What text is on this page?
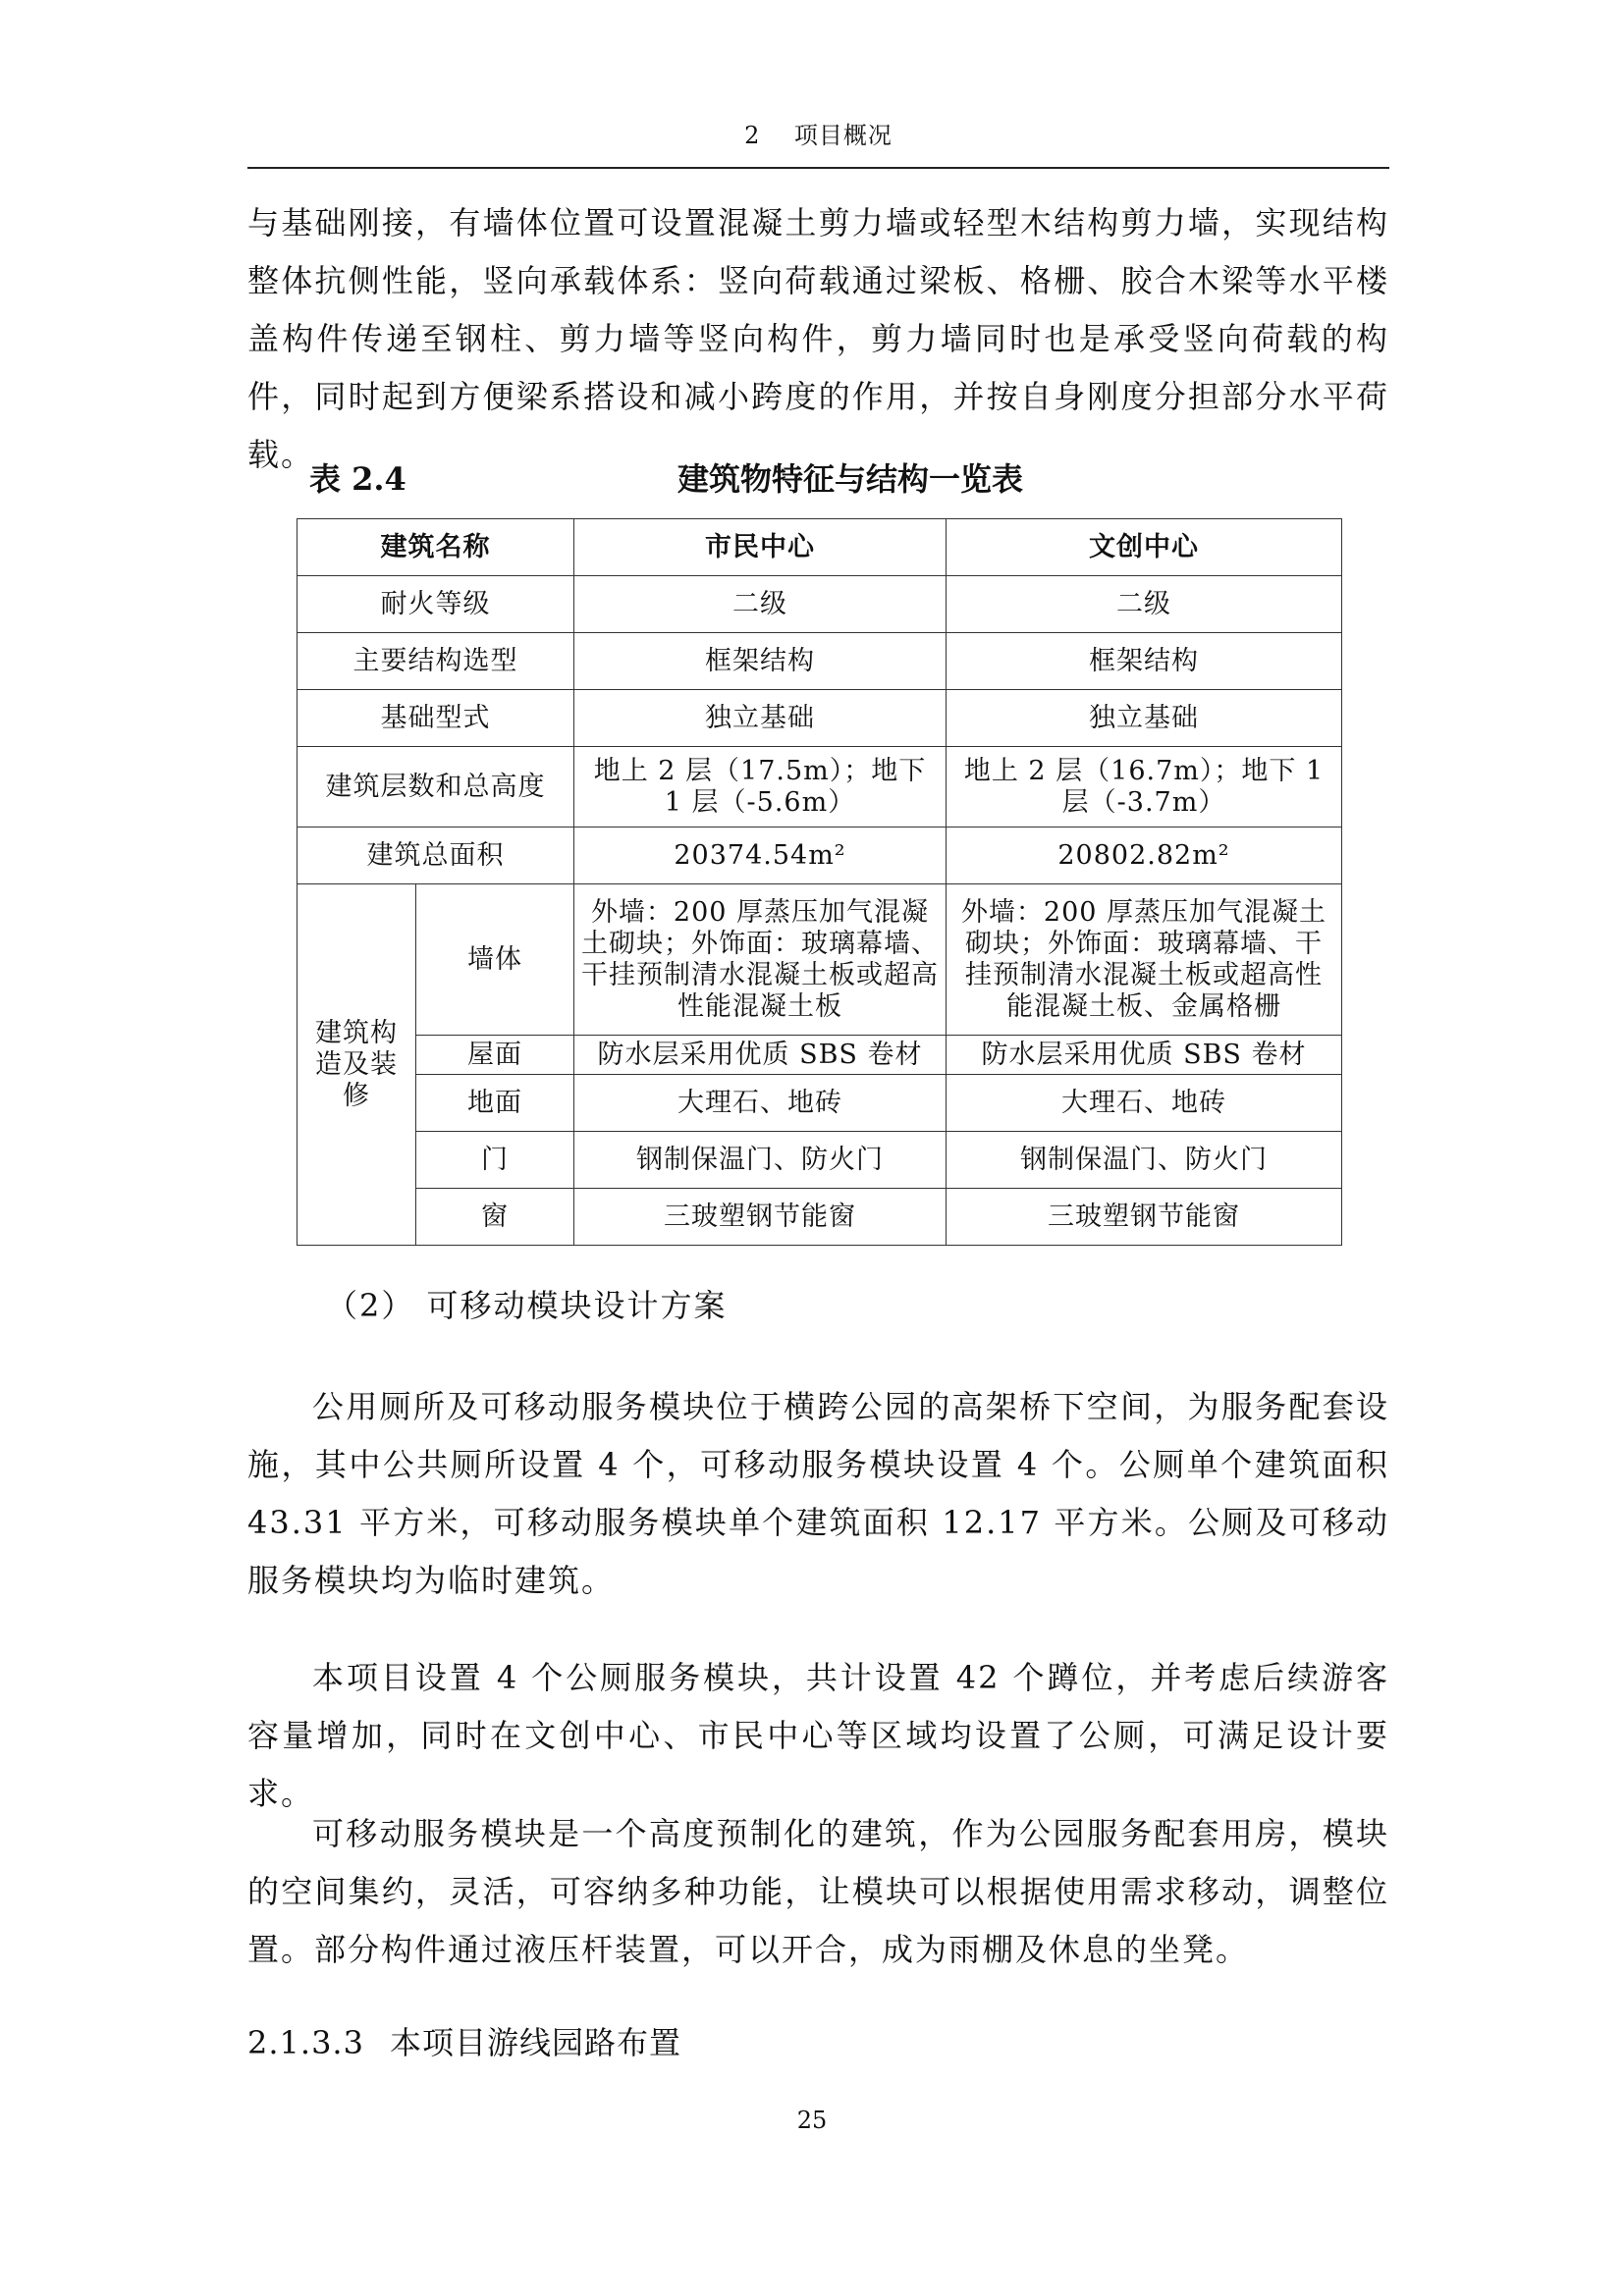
2 项目概况

与基础刚接，有墙体位置可设置混凝土剪力墙或轻型木结构剪力墙，实现结构整体抗侧性能，竖向承载体系：竖向荷载通过梁板、格栅、胶合木梁等水平楼盖构件传递至钢柱、剪力墙等竖向构件，剪力墙同时也是承受竖向荷载的构件，同时起到方便梁系搭设和减小跨度的作用，并按自身刚度分担部分水平荷载。

表 2.4	建筑物特征与结构一览表
建筑名称		市民中心	文创中心
耐火等级		二级	二级
主要结构选型		框架结构	框架结构
基础型式		独立基础	独立基础
建筑层数和总高度		地上 2 层（17.5m）；地下 1 层（-5.6m）	地上 2 层（16.7m）；地下 1 层（-3.7m）
建筑总面积		20374.54m²	20802.82m²
建筑构造及装修	墙体	外墙：200 厚蒸压加气混凝土砌块；外饰面：玻璃幕墙、干挂预制清水混凝土板或超高性能混凝土板	外墙：200 厚蒸压加气混凝土砌块；外饰面：玻璃幕墙、干挂预制清水混凝土板或超高性能混凝土板、金属格栅
	屋面	防水层采用优质 SBS 卷材	防水层采用优质 SBS 卷材
	地面	大理石、地砖	大理石、地砖
	门	钢制保温门、防火门	钢制保温门、防火门
	窗	三玻塑钢节能窗	三玻塑钢节能窗
（2） 可移动模块设计方案

公用厕所及可移动服务模块位于横跨公园的高架桥下空间，为服务配套设施，其中公共厕所设置 4 个，可移动服务模块设置 4 个。公厕单个建筑面积 43.31 平方米，可移动服务模块单个建筑面积 12.17 平方米。公厕及可移动服务模块均为临时建筑。

本项目设置 4 个公厕服务模块，共计设置 42 个蹲位，并考虑后续游客容量增加，同时在文创中心、市民中心等区域均设置了公厕，可满足设计要求。

可移动服务模块是一个高度预制化的建筑，作为公园服务配套用房，模块的空间集约，灵活，可容纳多种功能，让模块可以根据使用需求移动，调整位置。部分构件通过液压杆装置，可以开合，成为雨棚及休息的坐凳。

2.1.3.3 本项目游线园路布置
25
